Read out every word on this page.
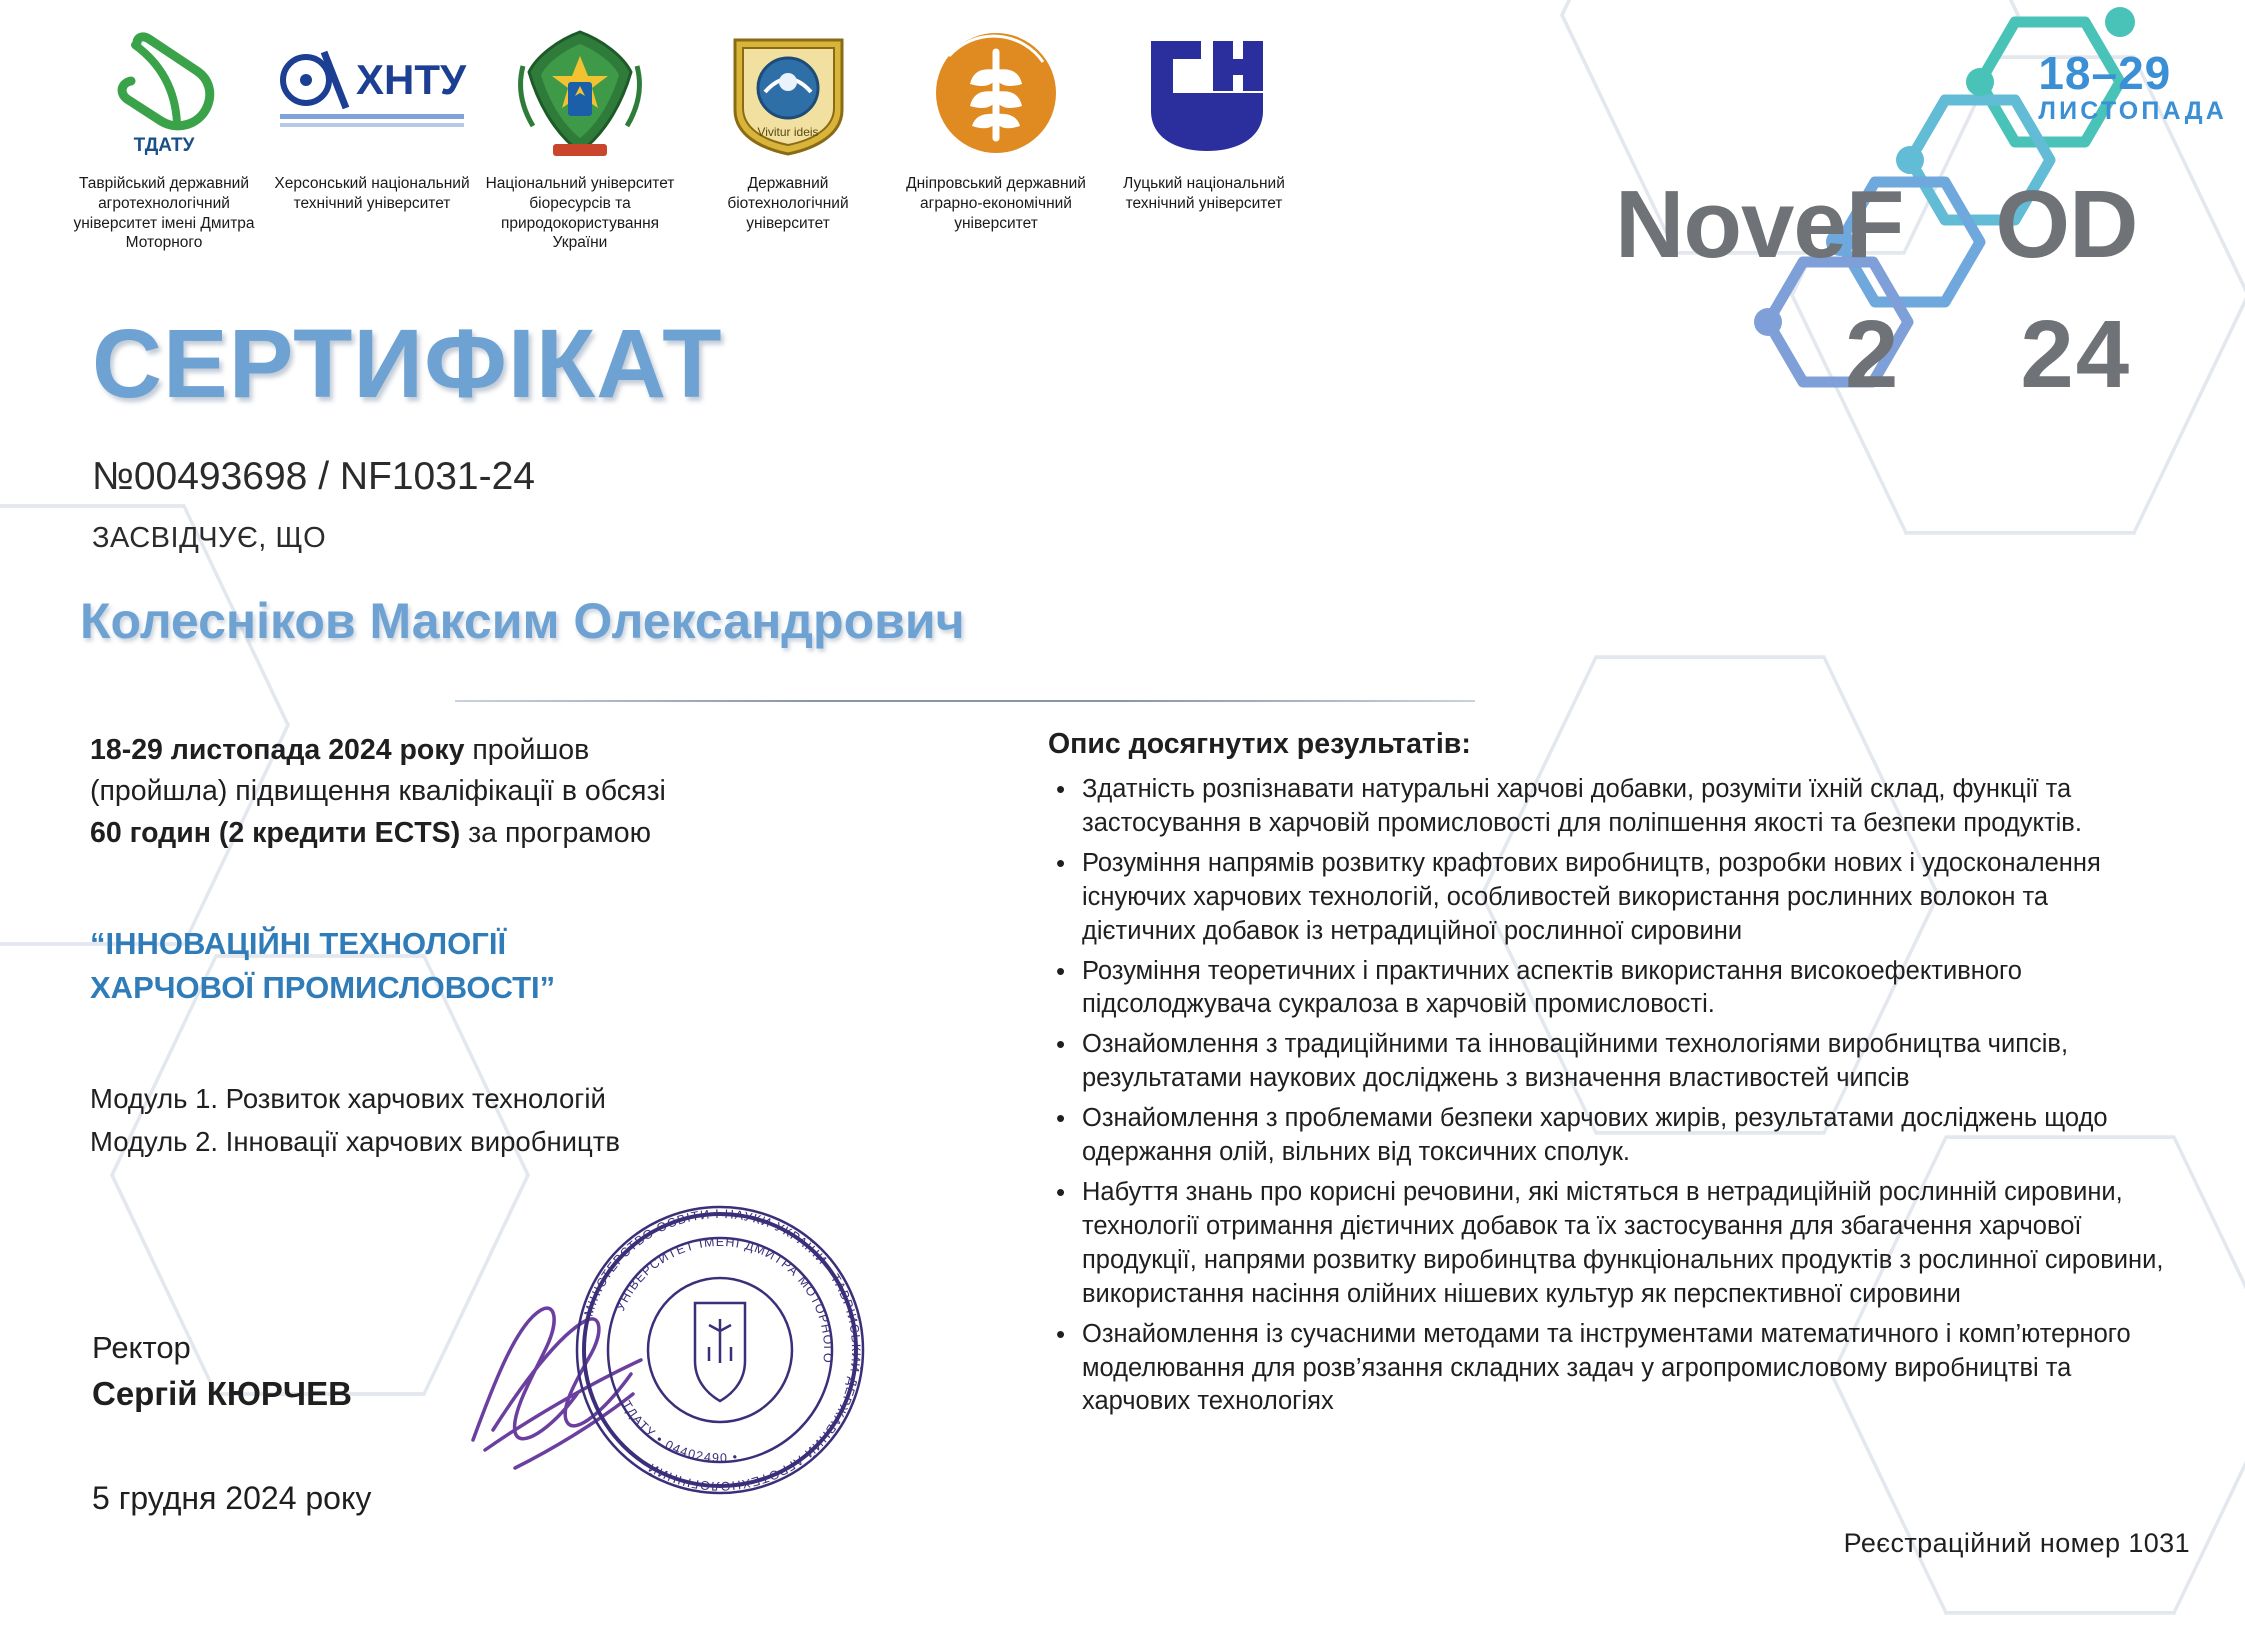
ТДАТУ
Таврійський державний агротехнологічний університет імені Дмитра Моторного
ХНТУ
Херсонський національний технічний університет
Національний університет біоресурсів та природокористування України
Vivitur ideis
Державний біотехнологічний університет
Дніпровський державний аграрно-економічний університет
Луцький національний технічний університет
18–29
ЛИСТОПАДА
NoveF OD
2 24
СЕРТИФІКАТ
№00493698 / NF1031-24
ЗАСВІДЧУЄ, ЩО
Колесніков Максим Олександрович
18-29 листопада 2024 року пройшов
(пройшла) підвищення кваліфікації в обсязі
60 годин (2 кредити ECTS) за програмою
“ІННОВАЦІЙНІ ТЕХНОЛОГІЇ
ХАРЧОВОЇ ПРОМИСЛОВОСТІ”
Модуль 1. Розвиток харчових технологій
Модуль 2. Інновації харчових виробництв
Опис досягнутих результатів:
• Здатність розпізнавати натуральні харчові добавки, розуміти їхній склад, функції та застосування в харчовій промисловості для поліпшення якості та безпеки продуктів.
• Розуміння напрямів розвитку крафтових виробництв, розробки нових і удосконалення існуючих харчових технологій, особливостей використання рослинних волокон та дієтичних добавок із нетрадиційної рослинної сировини
• Розуміння теоретичних і практичних аспектів використання високоефективного підсолоджувача сукралоза в харчовій промисловості.
• Ознайомлення з традиційними та інноваційними технологіями виробництва чипсів, результатами наукових досліджень з визначення властивостей чипсів
• Ознайомлення з проблемами безпеки харчових жирів, результатами досліджень щодо одержання олій, вільних від токсичних сполук.
• Набуття знань про корисні речовини, які містяться в нетрадиційній рослинній сировини, технології отримання дієтичних добавок та їх застосування для збагачення харчової продукції, напрями розвитку виробинцтва функціональних продуктів з рослинної сировини, використання насіння олійних нішевих культур як перспективної сировини
• Ознайомлення із сучасними методами та інструментами математичного і комп’ютерного моделювання для розв’язання складних задач у агропромисловому виробництві та харчових технологіях
Ректор
Сергій КЮРЧЕВ
5 грудня 2024 року
Реєстраційний номер 1031
МІНІСТЕРСТВО ОСВІТИ І НАУКИ УКРАЇНИ • ТАВРІЙСЬКИЙ ДЕРЖАВНИЙ АГРОТЕХНОЛОГІЧНИЙ
УНІВЕРСИТЕТ ІМЕНІ ДМИТРА МОТОРНОГО
ТДАТУ • 04402490 •
